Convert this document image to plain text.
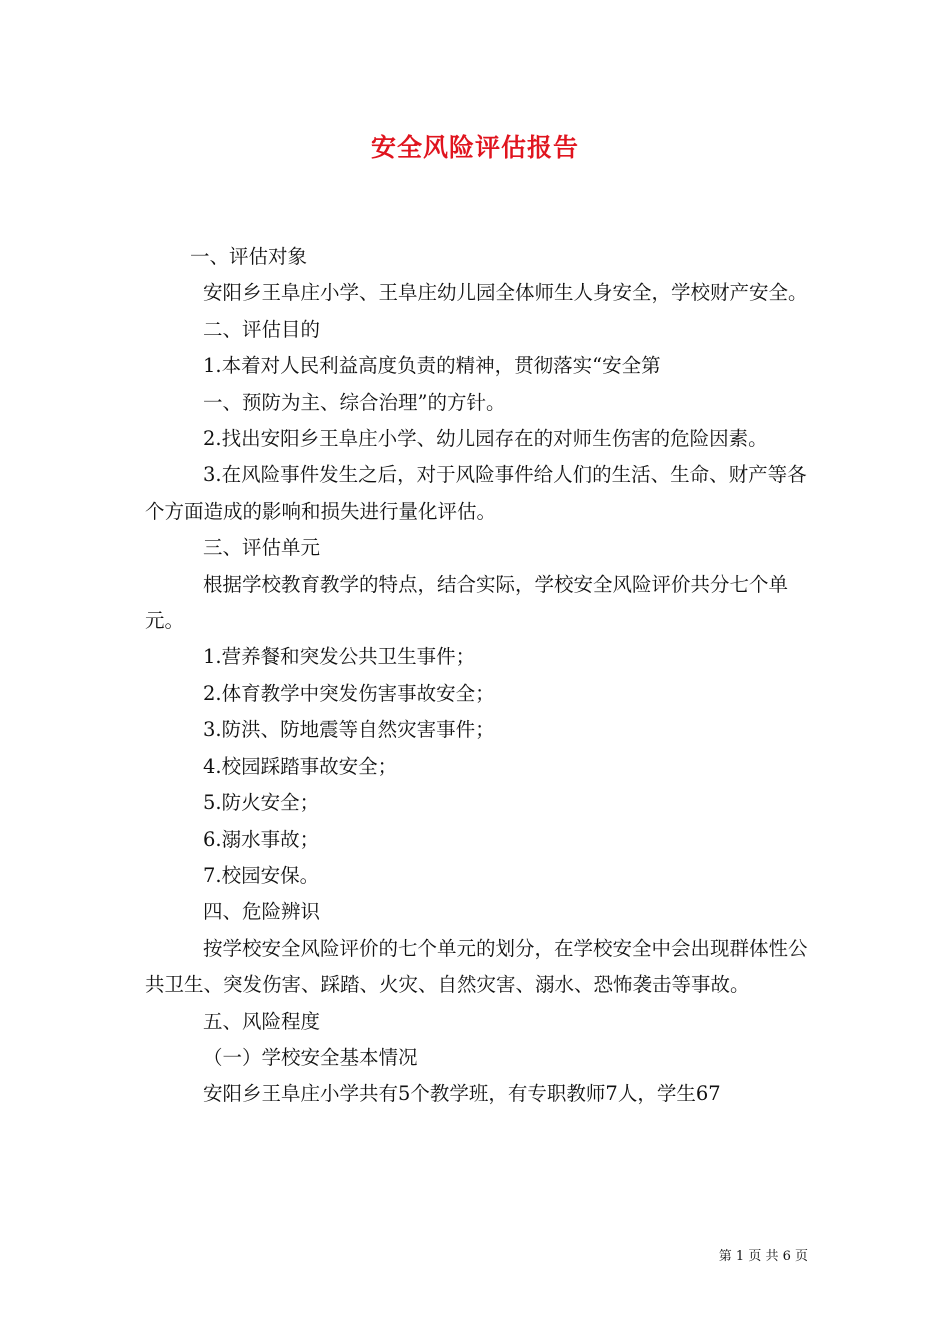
安全风险评估报告

一、评估对象

安阳乡王阜庄小学、王阜庄幼儿园全体师生人身安全，学校财产安全。

二、评估目的

1.本着对人民利益高度负责的精神，贯彻落实“安全第

一、预防为主、综合治理”的方针。

2.找出安阳乡王阜庄小学、幼儿园存在的对师生伤害的危险因素。

3.在风险事件发生之后，对于风险事件给人们的生活、生命、财产等各个方面造成的影响和损失进行量化评估。

三、评估单元

根据学校教育教学的特点，结合实际，学校安全风险评价共分七个单元。

1.营养餐和突发公共卫生事件；

2.体育教学中突发伤害事故安全；

3.防洪、防地震等自然灾害事件；

4.校园踩踏事故安全；

5.防火安全；

6.溺水事故；

7.校园安保。

四、危险辨识

按学校安全风险评价的七个单元的划分，在学校安全中会出现群体性公共卫生、突发伤害、踩踏、火灾、自然灾害、溺水、恐怖袭击等事故。

五、风险程度

（一）学校安全基本情况

安阳乡王阜庄小学共有5个教学班，有专职教师7人，学生67

第 1 页 共 6 页
